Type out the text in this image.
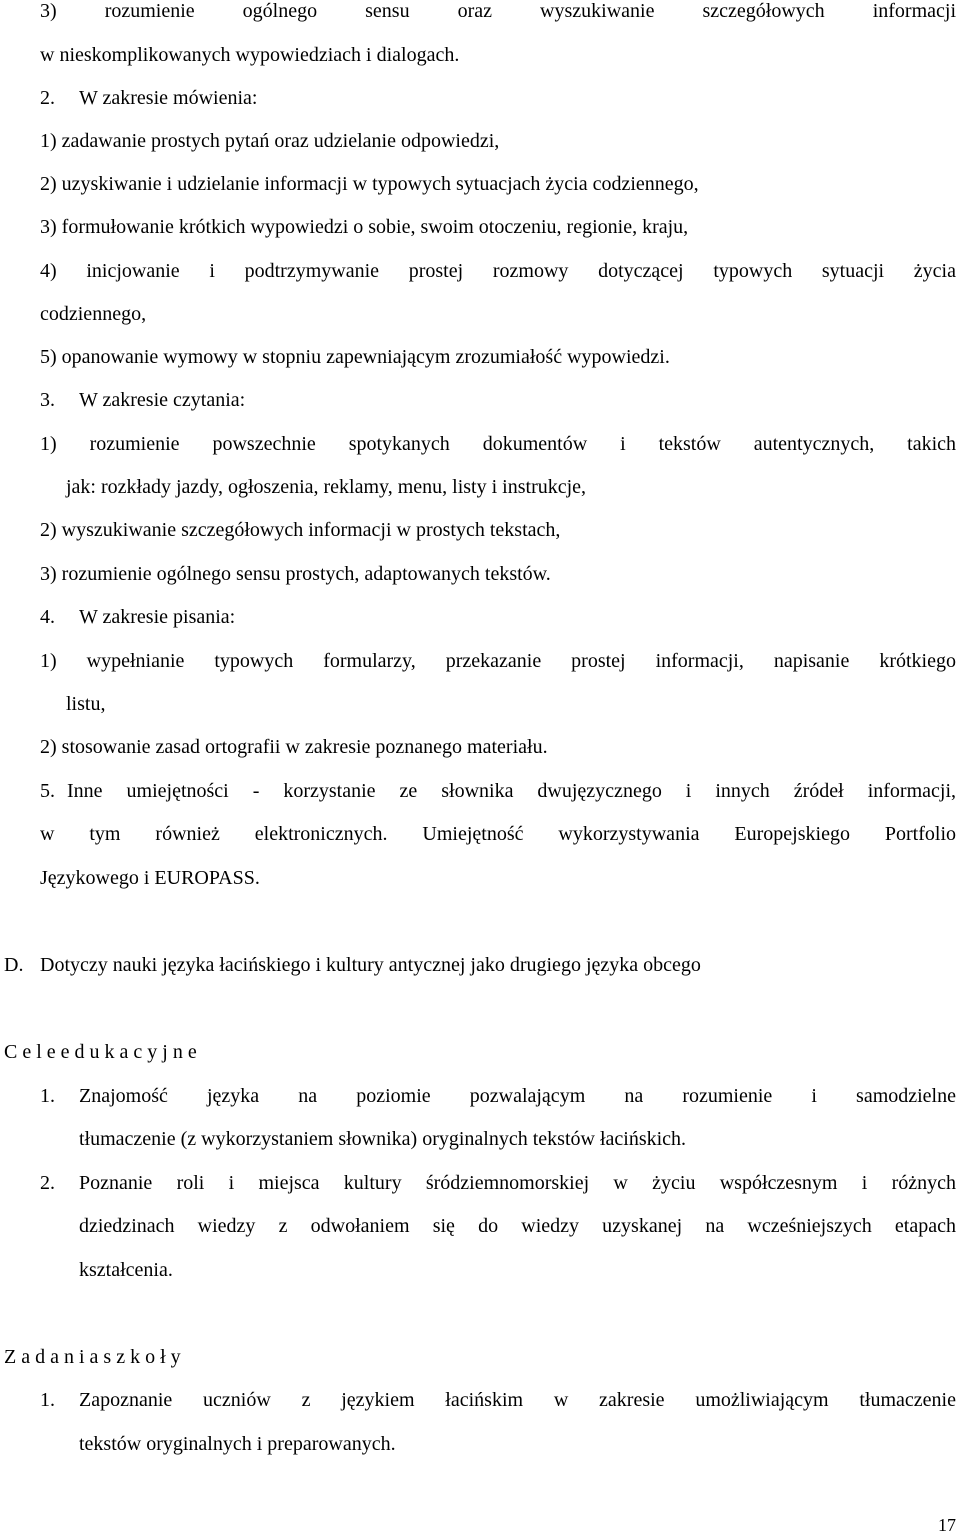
3) rozumienie ogólnego sensu oraz wyszukiwanie szczegółowych informacji

w nieskomplikowanych wypowiedziach i dialogach.

2. W zakresie mówienia:

1) zadawanie prostych pytań oraz udzielanie odpowiedzi,

2) uzyskiwanie i udzielanie informacji w typowych sytuacjach życia codziennego,

3) formułowanie krótkich wypowiedzi o sobie, swoim otoczeniu, regionie, kraju,

4) inicjowanie i podtrzymywanie prostej rozmowy dotyczącej typowych sytuacji życia

codziennego,

5) opanowanie wymowy w stopniu zapewniającym zrozumiałość wypowiedzi.

3. W zakresie czytania:

1) rozumienie powszechnie spotykanych dokumentów i tekstów autentycznych, takich

jak: rozkłady jazdy, ogłoszenia, reklamy, menu, listy i instrukcje,

2) wyszukiwanie szczegółowych informacji w prostych tekstach,

3) rozumienie ogólnego sensu prostych, adaptowanych tekstów.

4. W zakresie pisania:

1) wypełnianie typowych formularzy, przekazanie prostej informacji, napisanie krótkiego

listu,

2) stosowanie zasad ortografii w zakresie poznanego materiału.

5. Inne umiejętności - korzystanie ze słownika dwujęzycznego i innych źródeł informacji,

w tym również elektronicznych. Umiejętność wykorzystywania Europejskiego Portfolio

Językowego i EUROPASS.

D. Dotyczy nauki języka łacińskiego i kultury antycznej jako drugiego języka obcego

C e l e e d u k a c y j n e

1. Znajomość języka na poziomie pozwalającym na rozumienie i samodzielne

tłumaczenie (z wykorzystaniem słownika) oryginalnych tekstów łacińskich.

2. Poznanie roli i miejsca kultury śródziemnomorskiej w życiu współczesnym i różnych

dziedzinach wiedzy z odwołaniem się do wiedzy uzyskanej na wcześniejszych etapach

kształcenia.

Z a d a n i a s z k o ł y

1. Zapoznanie uczniów z językiem łacińskim w zakresie umożliwiającym tłumaczenie

tekstów oryginalnych i preparowanych.

17
